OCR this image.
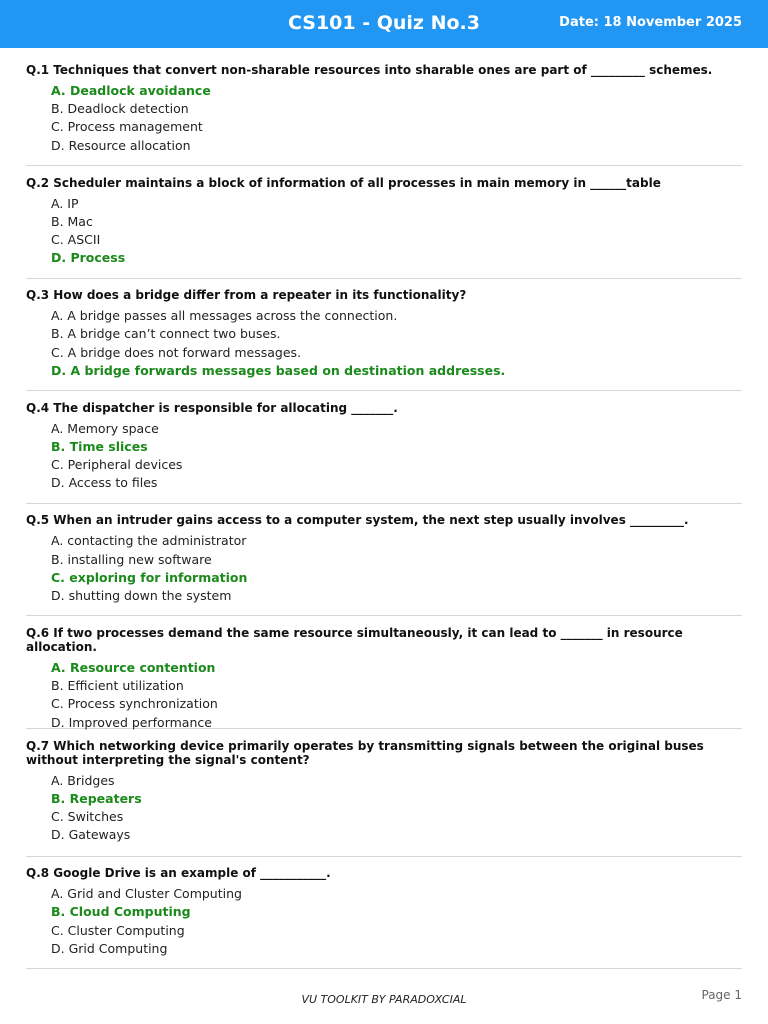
CS101 - Quiz No.3	Date: 18 November 2025
Q.1 Techniques that convert non-sharable resources into sharable ones are part of _________ schemes.
A. Deadlock avoidance
B. Deadlock detection
C. Process management
D. Resource allocation
Q.2 Scheduler maintains a block of information of all processes in main memory in ______table
A. IP
B. Mac
C. ASCII
D. Process
Q.3 How does a bridge differ from a repeater in its functionality?
A. A bridge passes all messages across the connection.
B. A bridge can’t connect two buses.
C. A bridge does not forward messages.
D. A bridge forwards messages based on destination addresses.
Q.4 The dispatcher is responsible for allocating _______.
A. Memory space
B. Time slices
C. Peripheral devices
D. Access to files
Q.5 When an intruder gains access to a computer system, the next step usually involves _________.
A. contacting the administrator
B. installing new software
C. exploring for information
D. shutting down the system
Q.6 If two processes demand the same resource simultaneously, it can lead to _______ in resource allocation.
A. Resource contention
B. Efficient utilization
C. Process synchronization
D. Improved performance
Q.7 Which networking device primarily operates by transmitting signals between the original buses without interpreting the signal's content?
A. Bridges
B. Repeaters
C. Switches
D. Gateways
Q.8 Google Drive is an example of ___________.
A. Grid and Cluster Computing
B. Cloud Computing
C. Cluster Computing
D. Grid Computing
VU TOOLKIT BY PARADOXCIAL	Page 1
